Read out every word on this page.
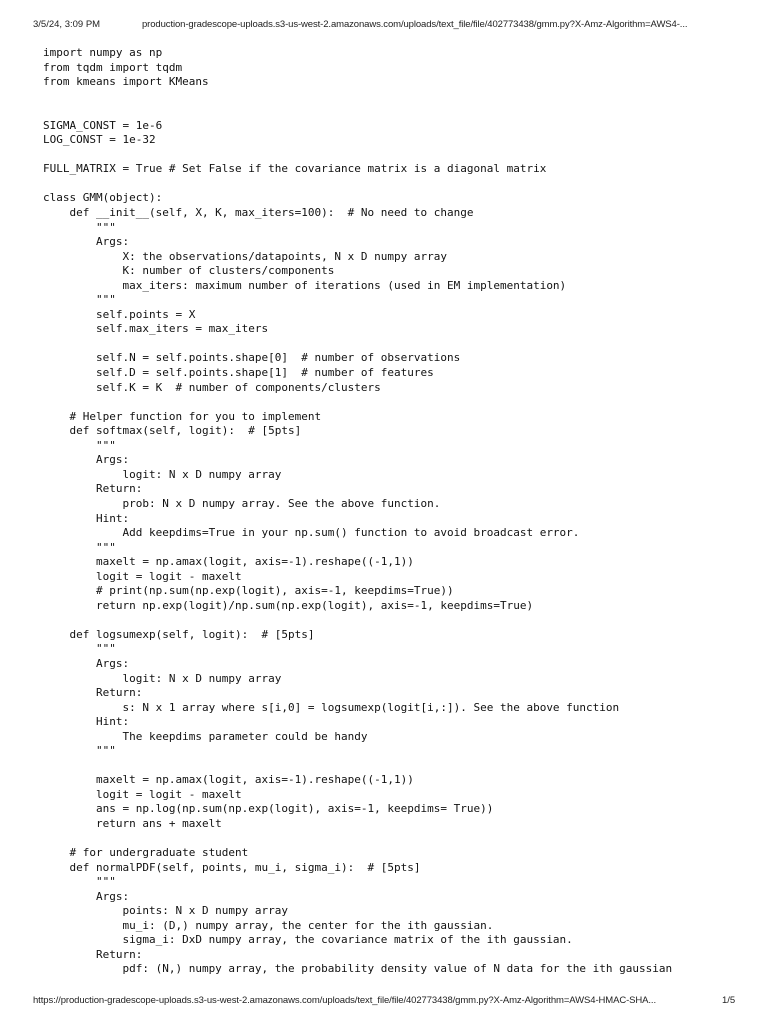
3/5/24, 3:09 PM	production-gradescope-uploads.s3-us-west-2.amazonaws.com/uploads/text_file/file/402773438/gmm.py?X-Amz-Algorithm=AWS4-...
import numpy as np
from tqdm import tqdm
from kmeans import KMeans
SIGMA_CONST = 1e-6
LOG_CONST = 1e-32
FULL_MATRIX = True # Set False if the covariance matrix is a diagonal matrix
class GMM(object):
def __init__(self, X, K, max_iters=100):  # No need to change
"""
Args:
X: the observations/datapoints, N x D numpy array
K: number of clusters/components
max_iters: maximum number of iterations (used in EM implementation)
"""
self.points = X
self.max_iters = max_iters
self.N = self.points.shape[0]  # number of observations
self.D = self.points.shape[1]  # number of features
self.K = K  # number of components/clusters
# Helper function for you to implement
def softmax(self, logit):  # [5pts]
"""
Args:
logit: N x D numpy array
Return:
prob: N x D numpy array. See the above function.
Hint:
Add keepdims=True in your np.sum() function to avoid broadcast error.
"""
maxelt = np.amax(logit, axis=-1).reshape((-1,1))
logit = logit - maxelt
# print(np.sum(np.exp(logit), axis=-1, keepdims=True))
return np.exp(logit)/np.sum(np.exp(logit), axis=-1, keepdims=True)
def logsumexp(self, logit):  # [5pts]
"""
Args:
logit: N x D numpy array
Return:
s: N x 1 array where s[i,0] = logsumexp(logit[i,:]). See the above function
Hint:
The keepdims parameter could be handy
"""
maxelt = np.amax(logit, axis=-1).reshape((-1,1))
logit = logit - maxelt
ans = np.log(np.sum(np.exp(logit), axis=-1, keepdims= True))
return ans + maxelt
# for undergraduate student
def normalPDF(self, points, mu_i, sigma_i):  # [5pts]
"""
Args:
points: N x D numpy array
mu_i: (D,) numpy array, the center for the ith gaussian.
sigma_i: DxD numpy array, the covariance matrix of the ith gaussian.
Return:
pdf: (N,) numpy array, the probability density value of N data for the ith gaussian
https://production-gradescope-uploads.s3-us-west-2.amazonaws.com/uploads/text_file/file/402773438/gmm.py?X-Amz-Algorithm=AWS4-HMAC-SHA...	1/5
